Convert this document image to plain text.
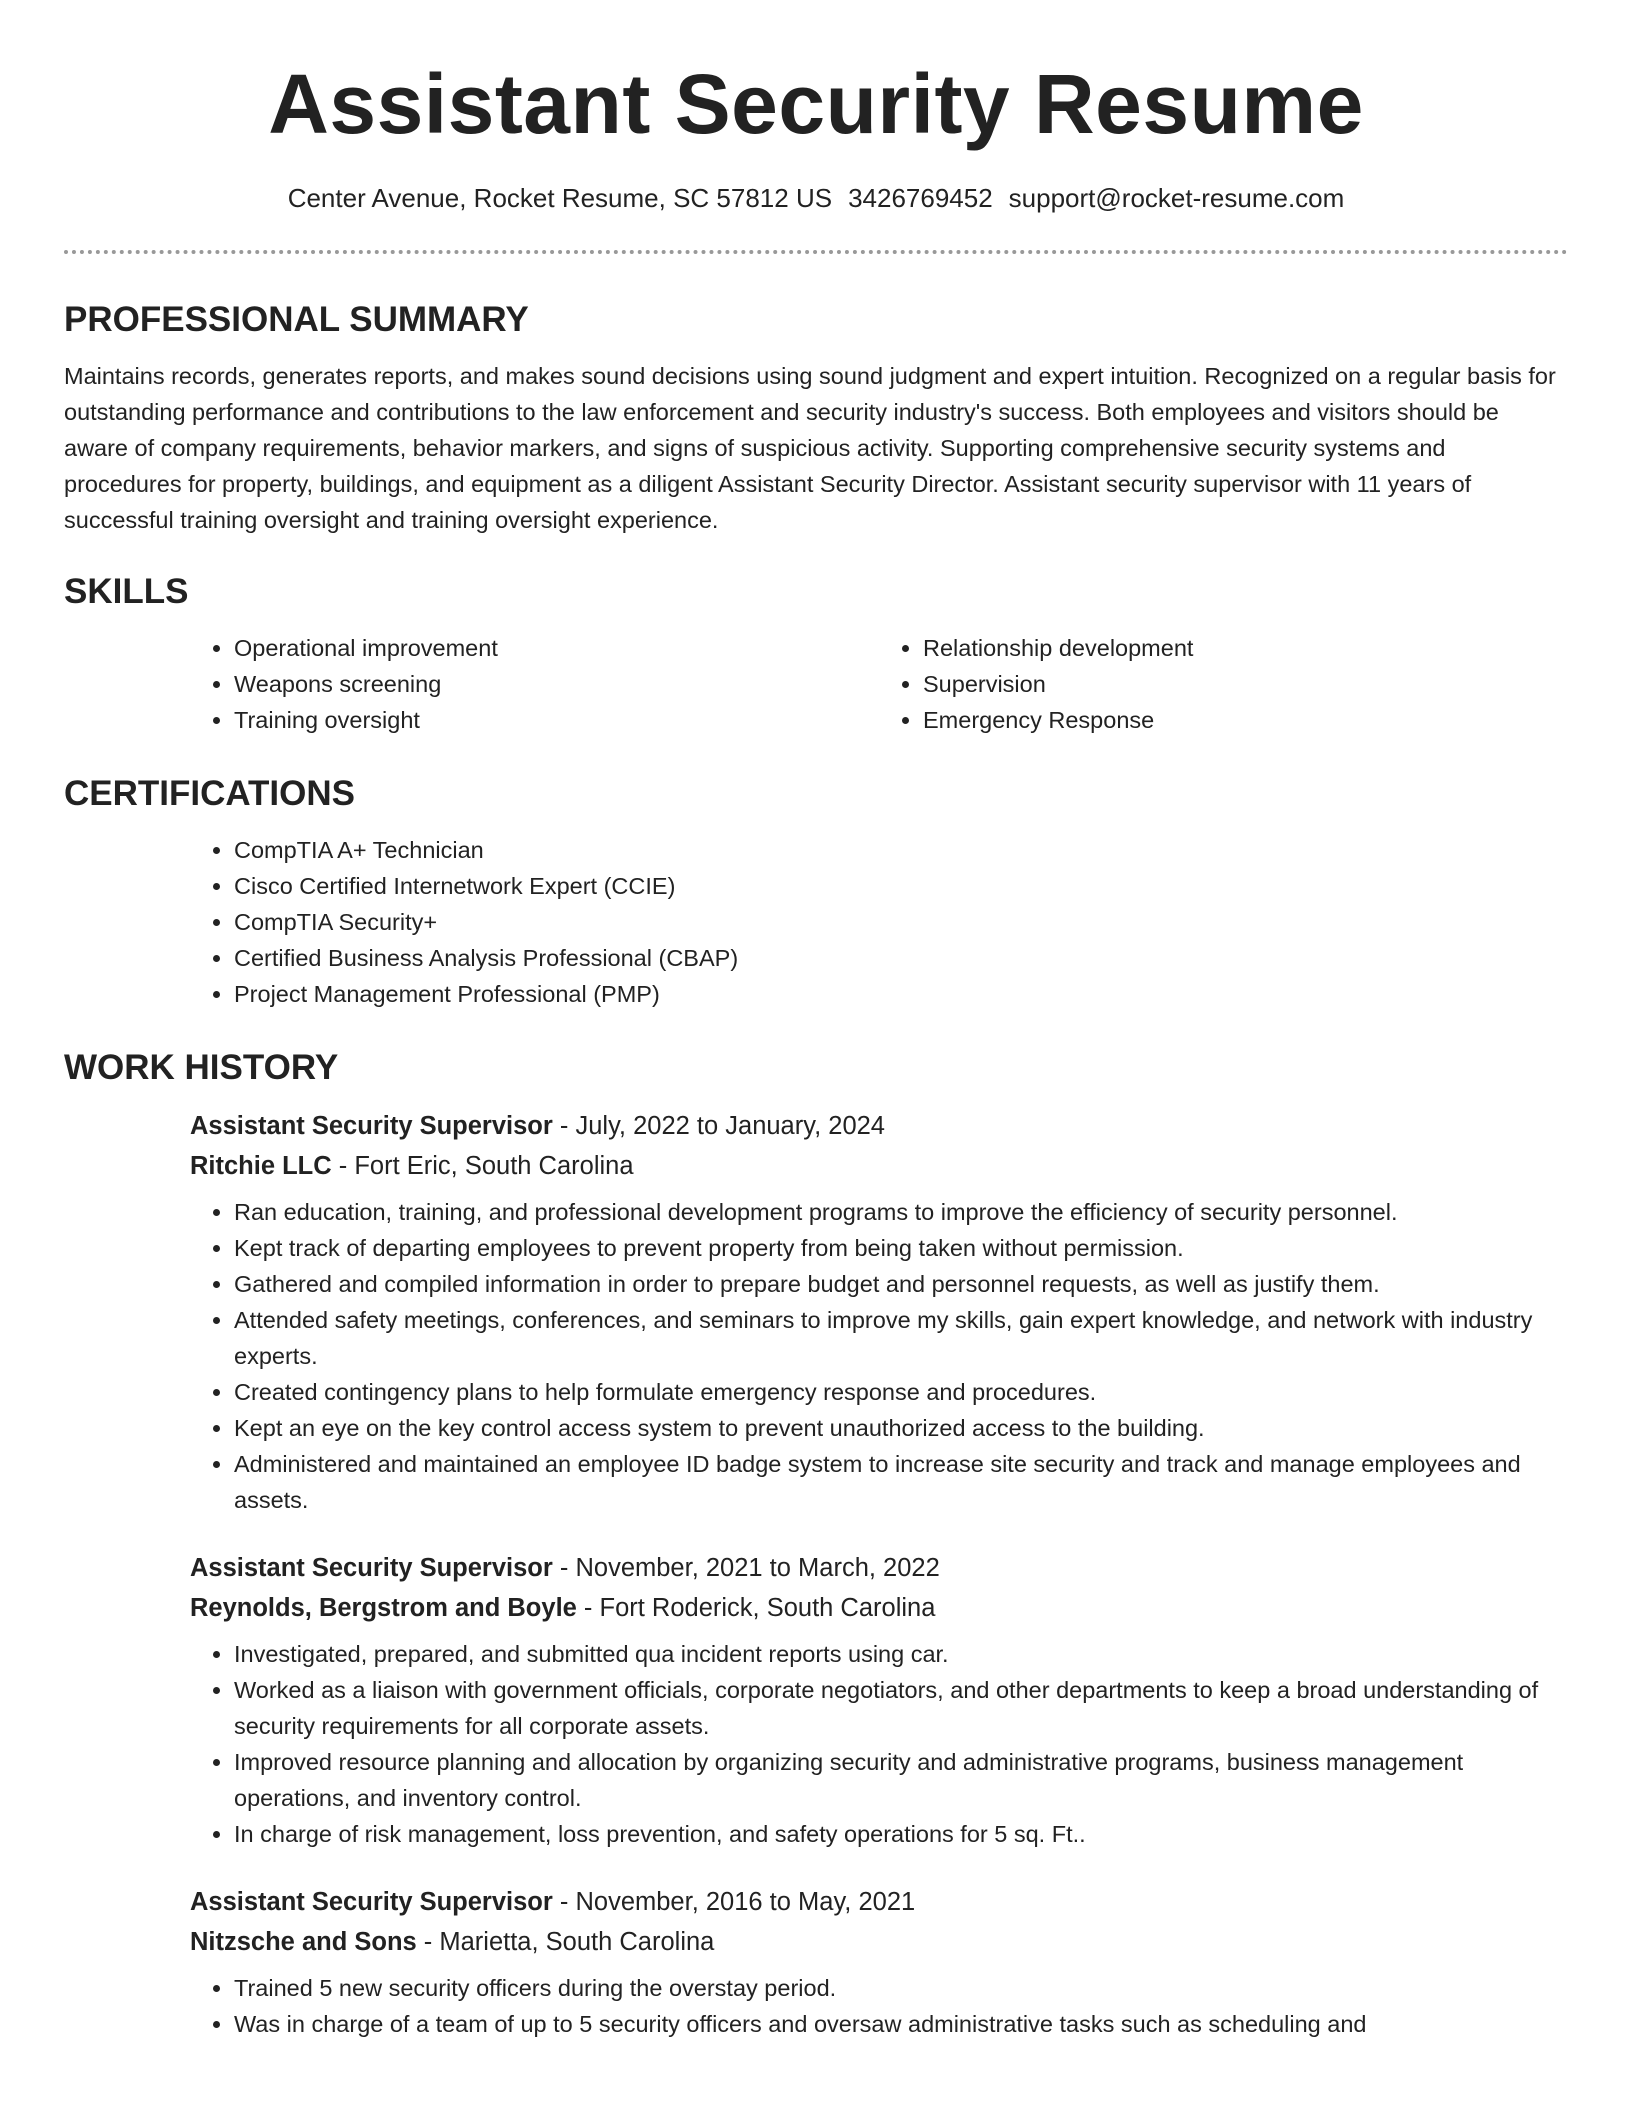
Assistant Security Resume
Center Avenue, Rocket Resume, SC 57812 US 3426769452 support@rocket-resume.com
PROFESSIONAL SUMMARY
Maintains records, generates reports, and makes sound decisions using sound judgment and expert intuition. Recognized on a regular basis for outstanding performance and contributions to the law enforcement and security industry's success. Both employees and visitors should be aware of company requirements, behavior markers, and signs of suspicious activity. Supporting comprehensive security systems and procedures for property, buildings, and equipment as a diligent Assistant Security Director. Assistant security supervisor with 11 years of successful training oversight and training oversight experience.
SKILLS
• Operational improvement
• Weapons screening
• Training oversight
• Relationship development
• Supervision
• Emergency Response
CERTIFICATIONS
• CompTIA A+ Technician
• Cisco Certified Internetwork Expert (CCIE)
• CompTIA Security+
• Certified Business Analysis Professional (CBAP)
• Project Management Professional (PMP)
WORK HISTORY
Assistant Security Supervisor - July, 2022 to January, 2024
Ritchie LLC - Fort Eric, South Carolina
• Ran education, training, and professional development programs to improve the efficiency of security personnel.
• Kept track of departing employees to prevent property from being taken without permission.
• Gathered and compiled information in order to prepare budget and personnel requests, as well as justify them.
• Attended safety meetings, conferences, and seminars to improve my skills, gain expert knowledge, and network with industry experts.
• Created contingency plans to help formulate emergency response and procedures.
• Kept an eye on the key control access system to prevent unauthorized access to the building.
• Administered and maintained an employee ID badge system to increase site security and track and manage employees and assets.
Assistant Security Supervisor - November, 2021 to March, 2022
Reynolds, Bergstrom and Boyle - Fort Roderick, South Carolina
• Investigated, prepared, and submitted qua incident reports using car.
• Worked as a liaison with government officials, corporate negotiators, and other departments to keep a broad understanding of security requirements for all corporate assets.
• Improved resource planning and allocation by organizing security and administrative programs, business management operations, and inventory control.
• In charge of risk management, loss prevention, and safety operations for 5 sq. Ft..
Assistant Security Supervisor - November, 2016 to May, 2021
Nitzsche and Sons - Marietta, South Carolina
• Trained 5 new security officers during the overstay period.
• Was in charge of a team of up to 5 security officers and oversaw administrative tasks such as scheduling and
